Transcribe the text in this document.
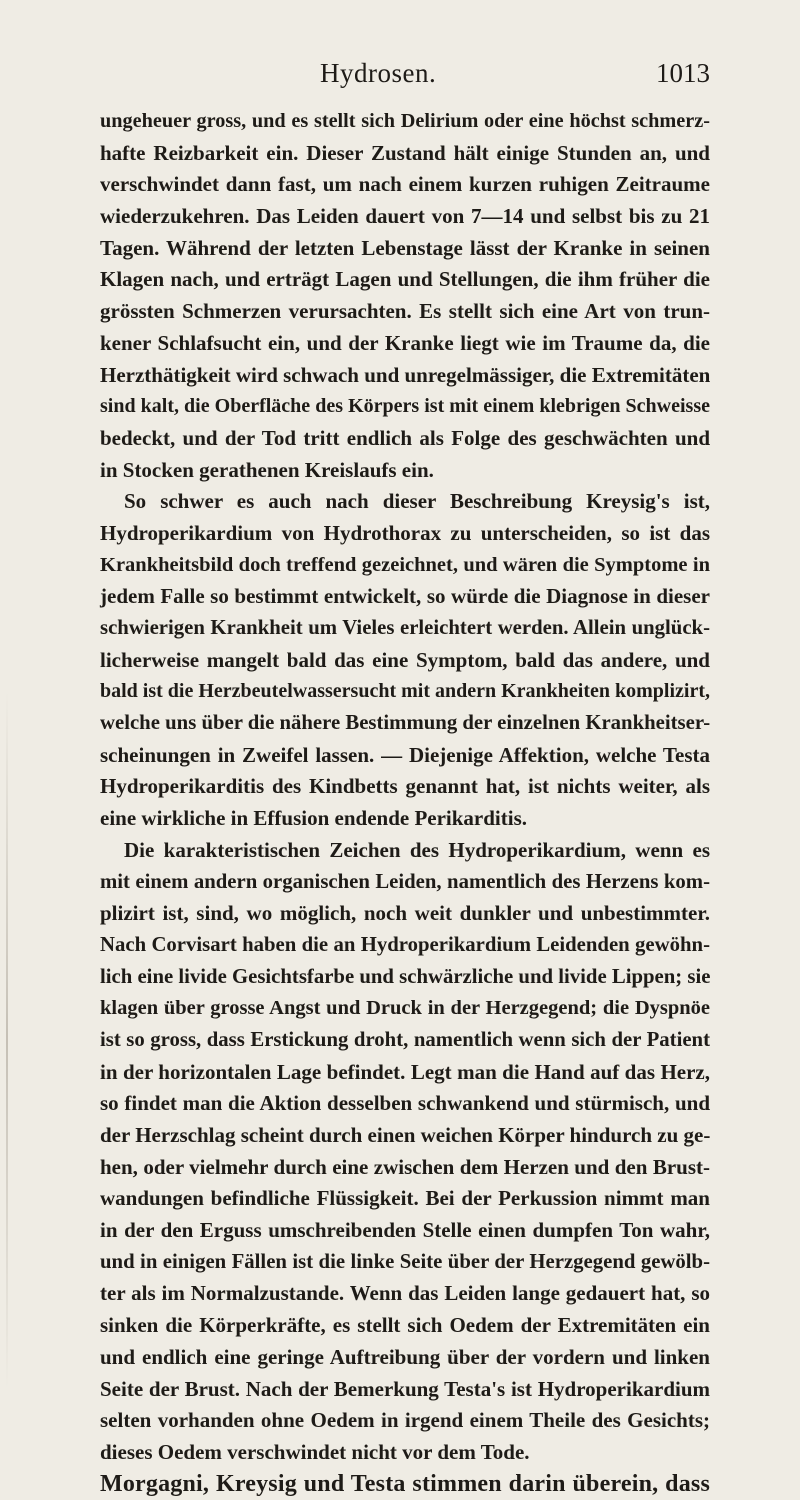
Hydrosen.	1013
ungeheuer gross, und es stellt sich Delirium oder eine höchst schmerz-
hafte Reizbarkeit ein. Dieser Zustand hält einige Stunden an, und
verschwindet dann fast, um nach einem kurzen ruhigen Zeitraume
wiederzukehren. Das Leiden dauert von 7—14 und selbst bis zu 21
Tagen. Während der letzten Lebenstage lässt der Kranke in seinen
Klagen nach, und erträgt Lagen und Stellungen, die ihm früher die
grössten Schmerzen verursachten. Es stellt sich eine Art von trun-
kener Schlafsucht ein, und der Kranke liegt wie im Traume da, die
Herzthätigkeit wird schwach und unregelmässiger, die Extremitäten
sind kalt, die Oberfläche des Körpers ist mit einem klebrigen Schweisse
bedeckt, und der Tod tritt endlich als Folge des geschwächten und
in Stocken gerathenen Kreislaufs ein.
So schwer es auch nach dieser Beschreibung Kreysig's ist,
Hydroperikardium von Hydrothorax zu unterscheiden, so ist das
Krankheitsbild doch treffend gezeichnet, und wären die Symptome in
jedem Falle so bestimmt entwickelt, so würde die Diagnose in dieser
schwierigen Krankheit um Vieles erleichtert werden. Allein unglück-
licherweise mangelt bald das eine Symptom, bald das andere, und
bald ist die Herzbeutelwassersucht mit andern Krankheiten komplizirt,
welche uns über die nähere Bestimmung der einzelnen Krankheitser-
scheinungen in Zweifel lassen. — Diejenige Affektion, welche Testa
Hydroperikarditis des Kindbetts genannt hat, ist nichts weiter, als
eine wirkliche in Effusion endende Perikarditis.
Die karakteristischen Zeichen des Hydroperikardium, wenn es
mit einem andern organischen Leiden, namentlich des Herzens kom-
plizirt ist, sind, wo möglich, noch weit dunkler und unbestimmter.
Nach Corvisart haben die an Hydroperikardium Leidenden gewöhn-
lich eine livide Gesichtsfarbe und schwärzliche und livide Lippen; sie
klagen über grosse Angst und Druck in der Herzgegend; die Dyspnöe
ist so gross, dass Erstickung droht, namentlich wenn sich der Patient
in der horizontalen Lage befindet. Legt man die Hand auf das Herz,
so findet man die Aktion desselben schwankend und stürmisch, und
der Herzschlag scheint durch einen weichen Körper hindurch zu ge-
hen, oder vielmehr durch eine zwischen dem Herzen und den Brust-
wandungen befindliche Flüssigkeit. Bei der Perkussion nimmt man
in der den Erguss umschreibenden Stelle einen dumpfen Ton wahr,
und in einigen Fällen ist die linke Seite über der Herzgegend gewölb-
ter als im Normalzustande. Wenn das Leiden lange gedauert hat, so
sinken die Körperkräfte, es stellt sich Oedem der Extremitäten ein
und endlich eine geringe Auftreibung über der vordern und linken
Seite der Brust. Nach der Bemerkung Testa's ist Hydroperikardium
selten vorhanden ohne Oedem in irgend einem Theile des Gesichts;
dieses Oedem verschwindet nicht vor dem Tode.
Morgagni, Kreysig und Testa stimmen darin überein, dass
